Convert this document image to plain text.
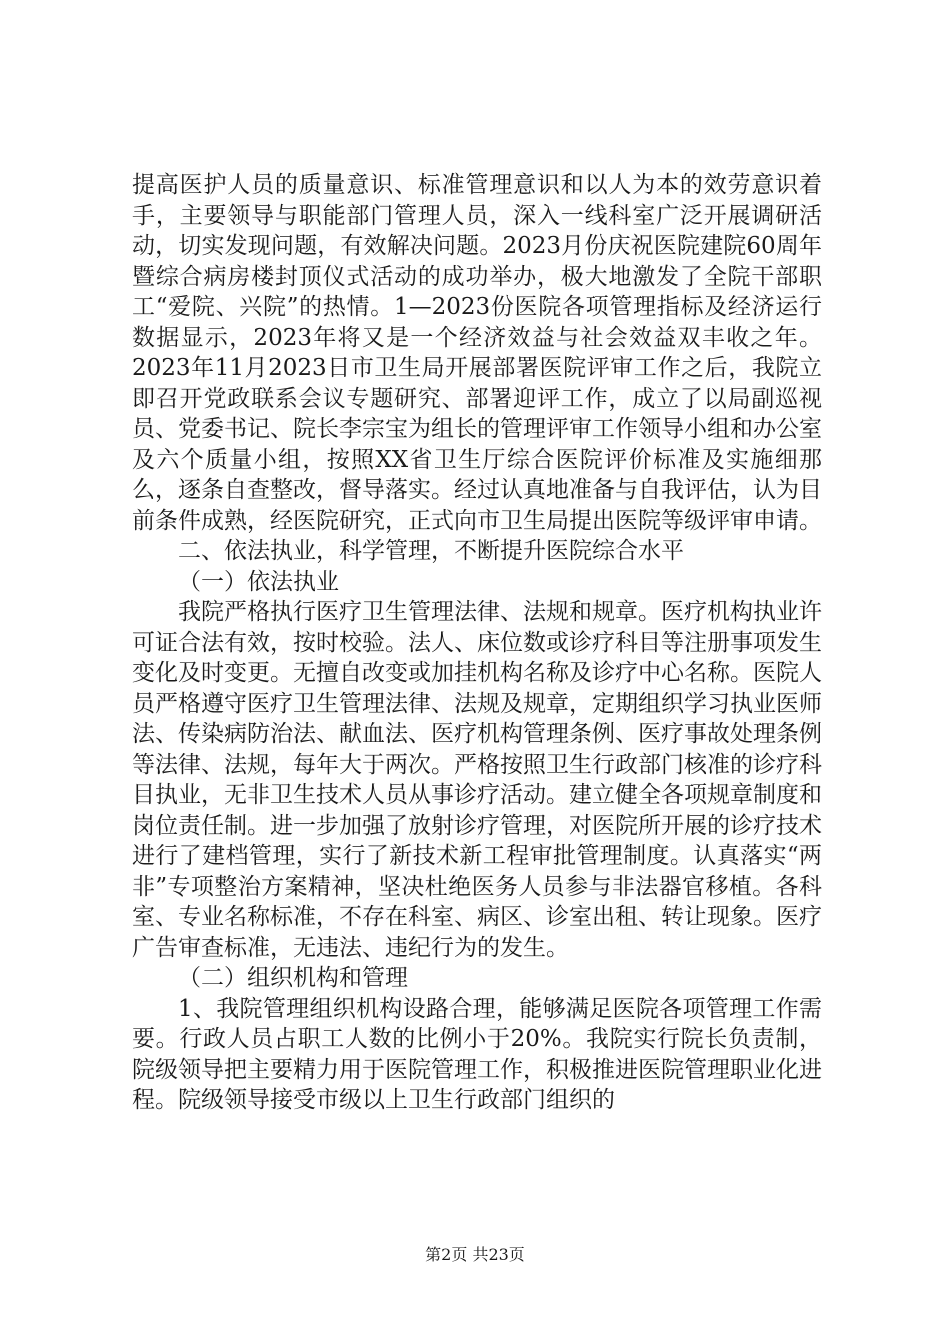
提高医护人员的质量意识、标准管理意识和以人为本的效劳意识着手，主要领导与职能部门管理人员，深入一线科室广泛开展调研活动，切实发现问题，有效解决问题。2023月份庆祝医院建院60周年暨综合病房楼封顶仪式活动的成功举办，极大地激发了全院干部职工“爱院、兴院”的热情。1—2023份医院各项管理指标及经济运行数据显示，2023年将又是一个经济效益与社会效益双丰收之年。2023年11月2023日市卫生局开展部署医院评审工作之后，我院立即召开党政联系会议专题研究、部署迎评工作，成立了以局副巡视员、党委书记、院长李宗宝为组长的管理评审工作领导小组和办公室及六个质量小组，按照XX省卫生厅综合医院评价标准及实施细那么，逐条自查整改，督导落实。经过认真地准备与自我评估，认为目前条件成熟，经医院研究，正式向市卫生局提出医院等级评审申请。

二、依法执业，科学管理，不断提升医院综合水平

（一）依法执业

我院严格执行医疗卫生管理法律、法规和规章。医疗机构执业许可证合法有效，按时校验。法人、床位数或诊疗科目等注册事项发生变化及时变更。无擅自改变或加挂机构名称及诊疗中心名称。医院人员严格遵守医疗卫生管理法律、法规及规章，定期组织学习执业医师法、传染病防治法、献血法、医疗机构管理条例、医疗事故处理条例等法律、法规，每年大于两次。严格按照卫生行政部门核准的诊疗科目执业，无非卫生技术人员从事诊疗活动。建立健全各项规章制度和岗位责任制。进一步加强了放射诊疗管理，对医院所开展的诊疗技术进行了建档管理，实行了新技术新工程审批管理制度。认真落实“两非”专项整治方案精神，坚决杜绝医务人员参与非法器官移植。各科室、专业名称标准，不存在科室、病区、诊室出租、转让现象。医疗广告审查标准，无违法、违纪行为的发生。

（二）组织机构和管理

1、我院管理组织机构设路合理，能够满足医院各项管理工作需要。行政人员占职工人数的比例小于20%。我院实行院长负责制，院级领导把主要精力用于医院管理工作，积极推进医院管理职业化进程。院级领导接受市级以上卫生行政部门组织的

第2页 共23页
